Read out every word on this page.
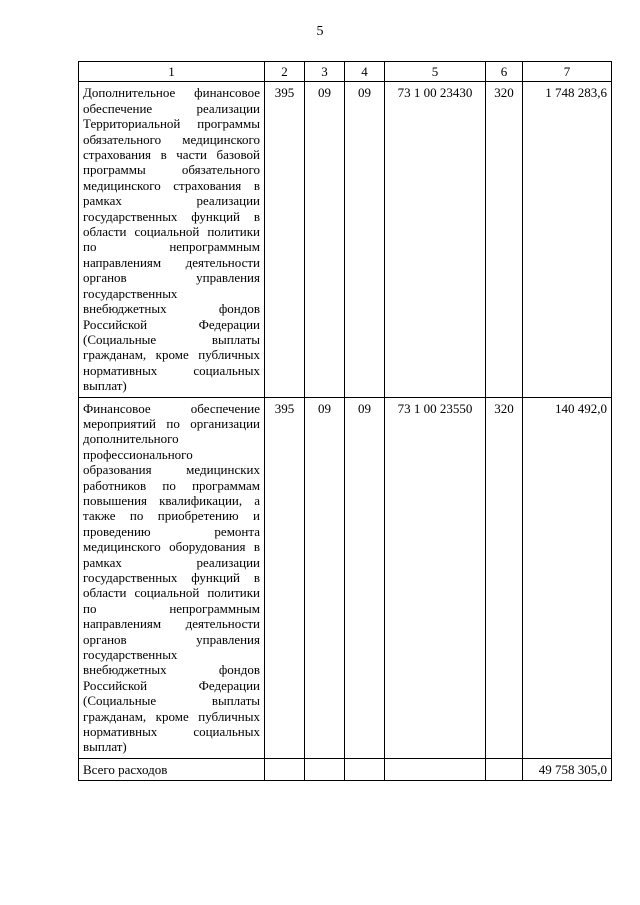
5
1	2	3	4	5	6	7
Дополнительное финансовое обеспечение реализации Территориальной программы обязательного медицинского страхования в части базовой программы обязательного медицинского страхования в рамках реализации государственных функций в области социальной политики по непрограммным направлениям деятельности органов управления государственных внебюджетных фондов Российской Федерации (Социальные выплаты гражданам, кроме публичных нормативных социальных выплат)	395	09	09	73 1 00 23430	320	1 748 283,6
Финансовое обеспечение мероприятий по организации дополнительного профессионального образования медицинских работников по программам повышения квалификации, а также по приобретению и проведению ремонта медицинского оборудования в рамках реализации государственных функций в области социальной политики по непрограммным направлениям деятельности органов управления государственных внебюджетных фондов Российской Федерации (Социальные выплаты гражданам, кроме публичных нормативных социальных выплат)	395	09	09	73 1 00 23550	320	140 492,0
Всего расходов						49 758 305,0
